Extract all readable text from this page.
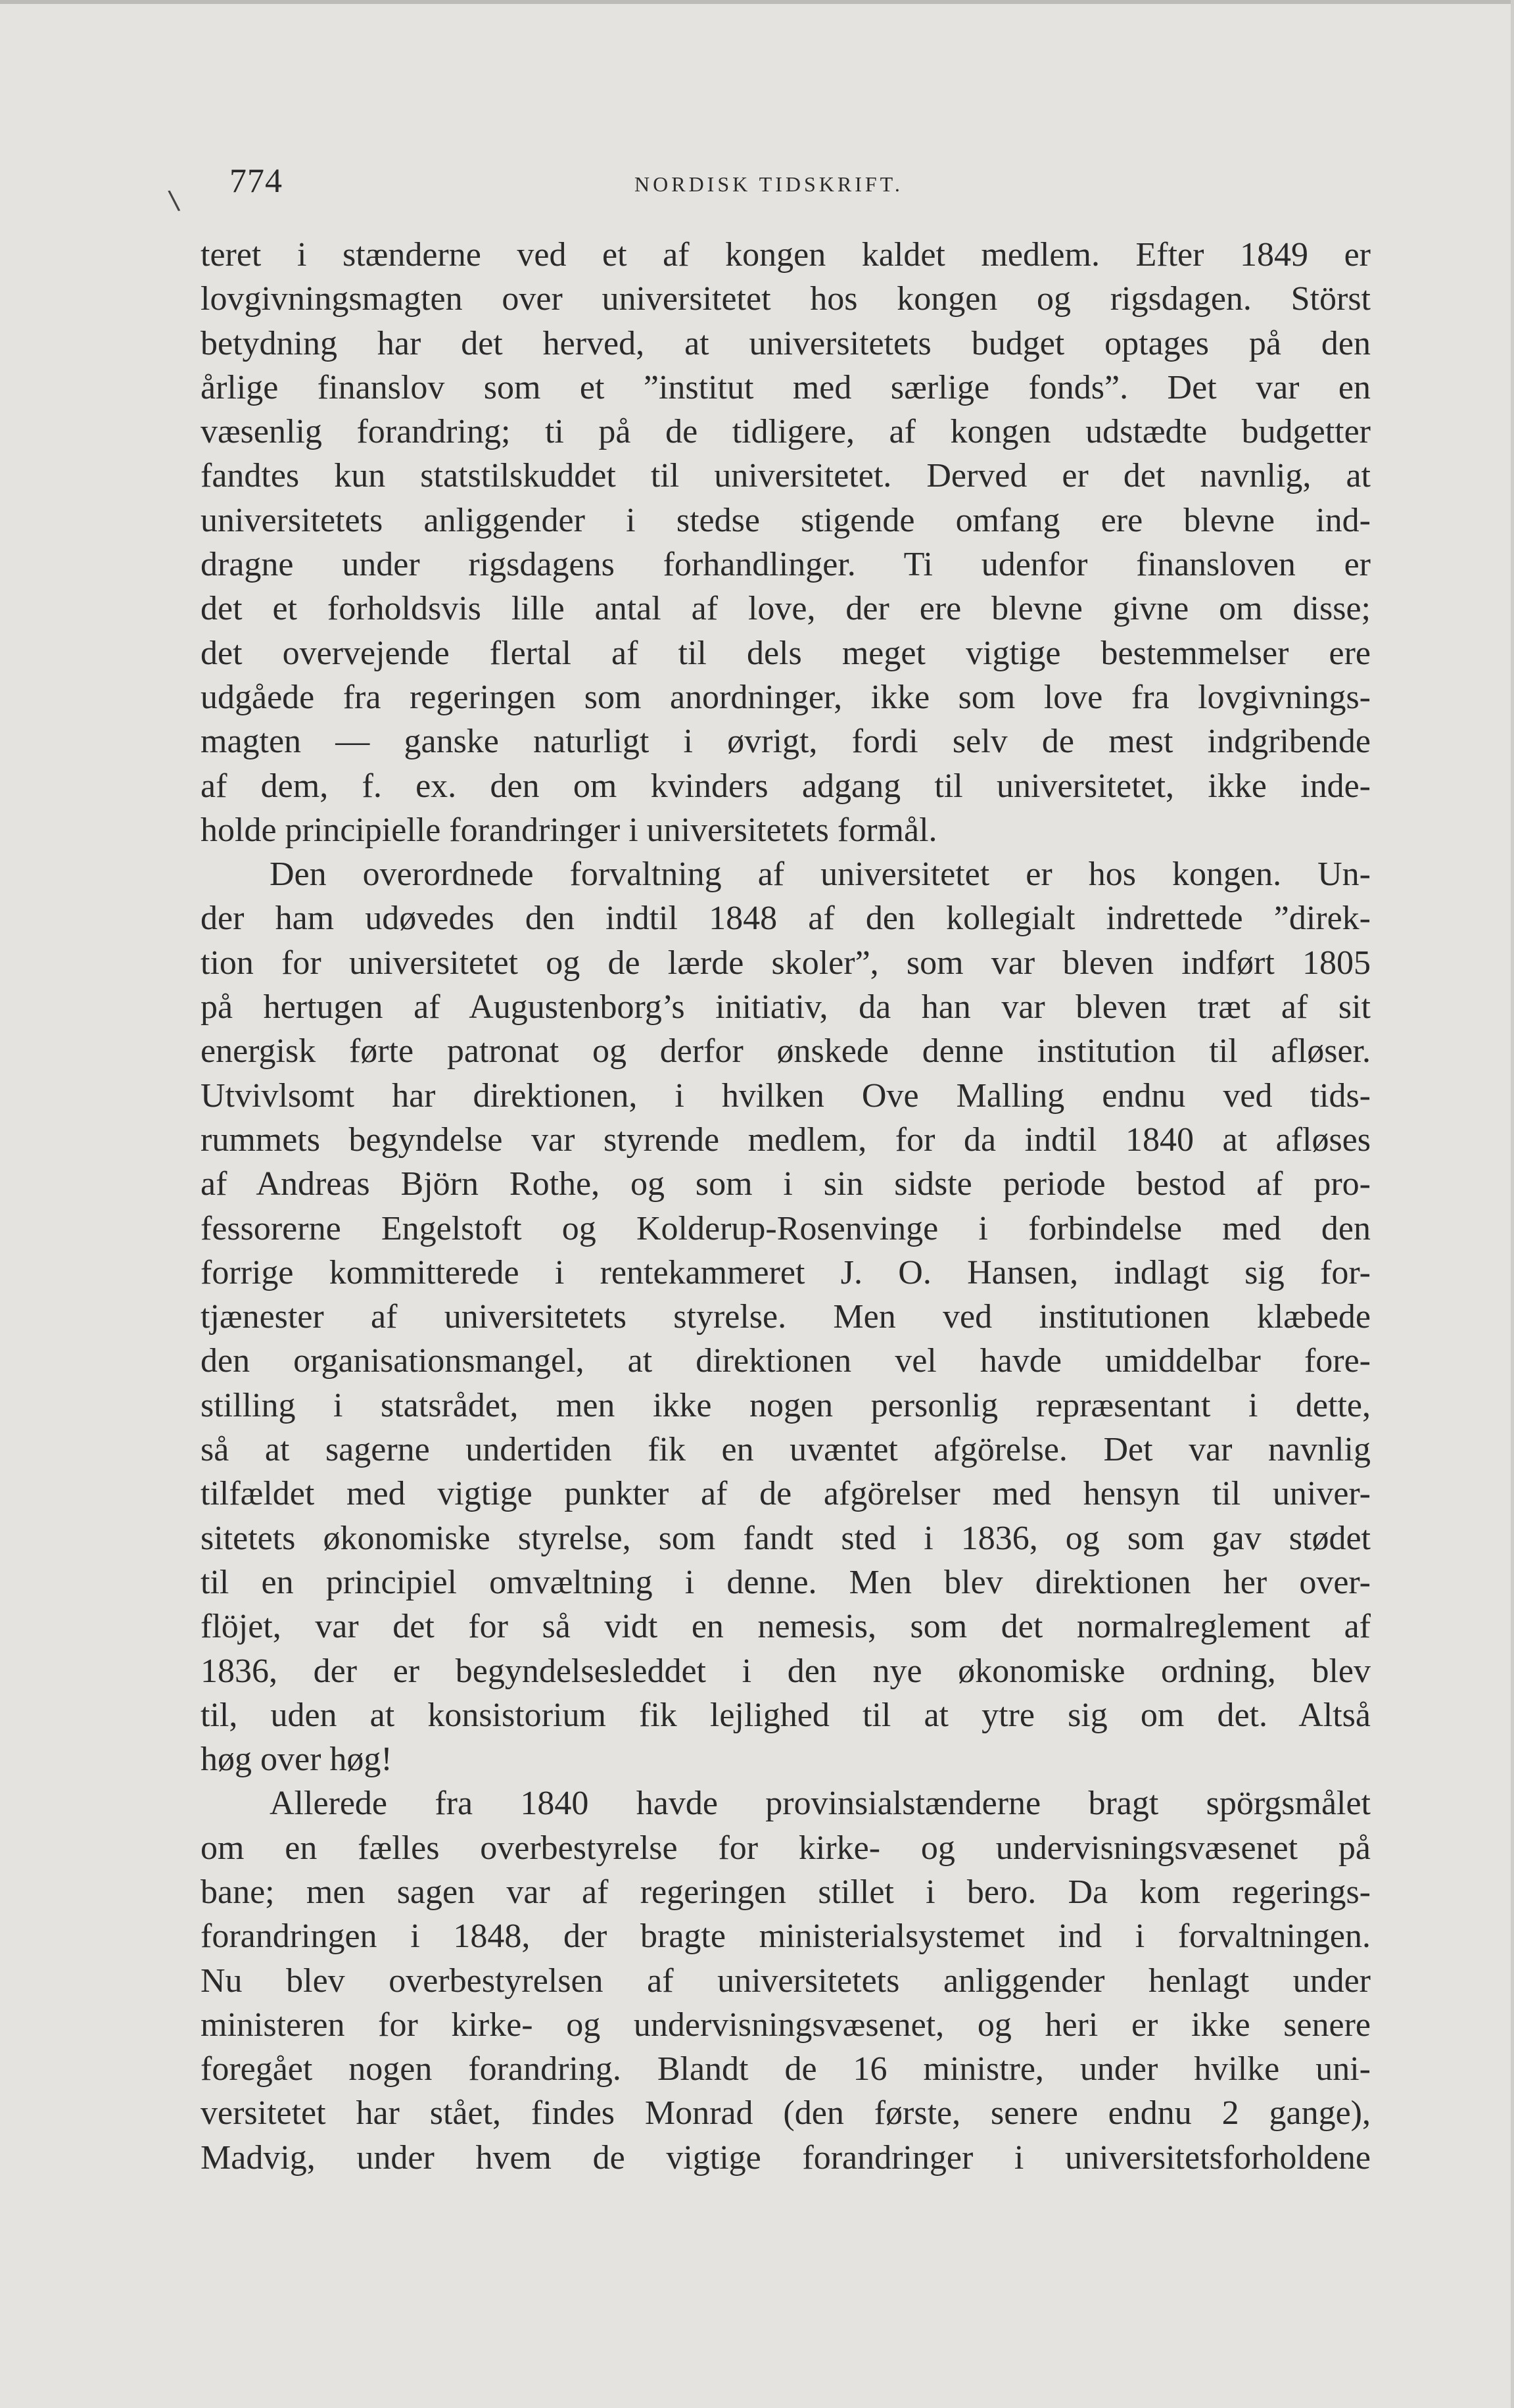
\
774	NORDISK TIDSKRIFT.
teret i stænderne ved et af kongen kaldet medlem. Efter 1849 er
lovgivningsmagten over universitetet hos kongen og rigsdagen. Störst
betydning har det herved, at universitetets budget optages på den
årlige finanslov som et ”institut med særlige fonds”. Det var en
væsenlig forandring; ti på de tidligere, af kongen udstædte budgetter
fandtes kun statstilskuddet til universitetet. Derved er det navnlig, at
universitetets anliggender i stedse stigende omfang ere blevne ind-
dragne under rigsdagens forhandlinger. Ti udenfor finansloven er
det et forholdsvis lille antal af love, der ere blevne givne om disse;
det overvejende flertal af til dels meget vigtige bestemmelser ere
udgåede fra regeringen som anordninger, ikke som love fra lovgivnings-
magten — ganske naturligt i øvrigt, fordi selv de mest indgribende
af dem, f. ex. den om kvinders adgang til universitetet, ikke inde-
holde principielle forandringer i universitetets formål.
Den overordnede forvaltning af universitetet er hos kongen. Un-
der ham udøvedes den indtil 1848 af den kollegialt indrettede ”direk-
tion for universitetet og de lærde skoler”, som var bleven indført 1805
på hertugen af Augustenborg’s initiativ, da han var bleven træt af sit
energisk førte patronat og derfor ønskede denne institution til afløser.
Utvivlsomt har direktionen, i hvilken Ove Malling endnu ved tids-
rummets begyndelse var styrende medlem, for da indtil 1840 at afløses
af Andreas Björn Rothe, og som i sin sidste periode bestod af pro-
fessorerne Engelstoft og Kolderup-Rosenvinge i forbindelse med den
forrige kommitterede i rentekammeret J. O. Hansen, indlagt sig for-
tjænester af universitetets styrelse. Men ved institutionen klæbede
den organisationsmangel, at direktionen vel havde umiddelbar fore-
stilling i statsrådet, men ikke nogen personlig repræsentant i dette,
så at sagerne undertiden fik en uvæntet afgörelse. Det var navnlig
tilfældet med vigtige punkter af de afgörelser med hensyn til univer-
sitetets økonomiske styrelse, som fandt sted i 1836, og som gav stødet
til en principiel omvæltning i denne. Men blev direktionen her over-
flöjet, var det for så vidt en nemesis, som det normalreglement af
1836, der er begyndelsesleddet i den nye økonomiske ordning, blev
til, uden at konsistorium fik lejlighed til at ytre sig om det. Altså
høg over høg!
Allerede fra 1840 havde provinsialstænderne bragt spörgsmålet
om en fælles overbestyrelse for kirke- og undervisningsvæsenet på
bane; men sagen var af regeringen stillet i bero. Da kom regerings-
forandringen i 1848, der bragte ministerialsystemet ind i forvaltningen.
Nu blev overbestyrelsen af universitetets anliggender henlagt under
ministeren for kirke- og undervisningsvæsenet, og heri er ikke senere
foregået nogen forandring. Blandt de 16 ministre, under hvilke uni-
versitetet har stået, findes Monrad (den første, senere endnu 2 gange),
Madvig, under hvem de vigtige forandringer i universitetsforholdene
